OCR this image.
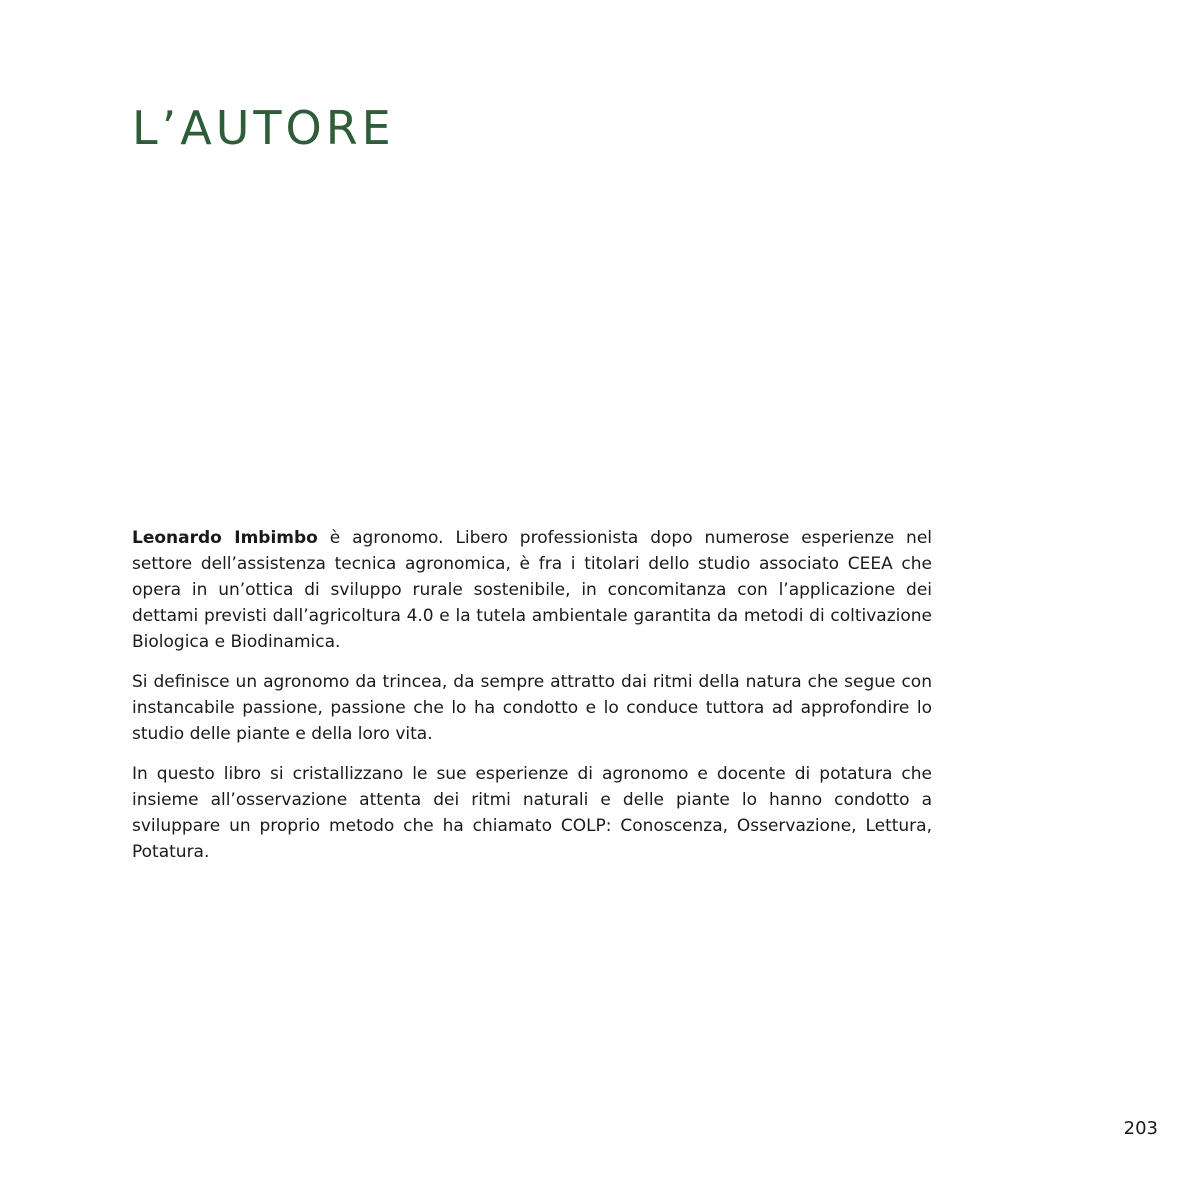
L’AUTORE

Leonardo Imbimbo è agronomo. Libero professionista dopo numerose esperienze nel settore dell’assistenza tecnica agronomica, è fra i titolari dello studio associato CEEA che opera in un’ottica di sviluppo rurale sostenibile, in concomitanza con l’applicazione dei dettami previsti dall’agricoltura 4.0 e la tutela ambientale garantita da metodi di coltivazione Biologica e Biodinamica.

Si definisce un agronomo da trincea, da sempre attratto dai ritmi della natura che segue con instancabile passione, passione che lo ha condotto e lo conduce tuttora ad approfondire lo studio delle piante e della loro vita.

In questo libro si cristallizzano le sue esperienze di agronomo e docente di potatura che insieme all’osservazione attenta dei ritmi naturali e delle piante lo hanno condotto a sviluppare un proprio metodo che ha chiamato COLP: Conoscenza, Osservazione, Lettura, Potatura.

203
